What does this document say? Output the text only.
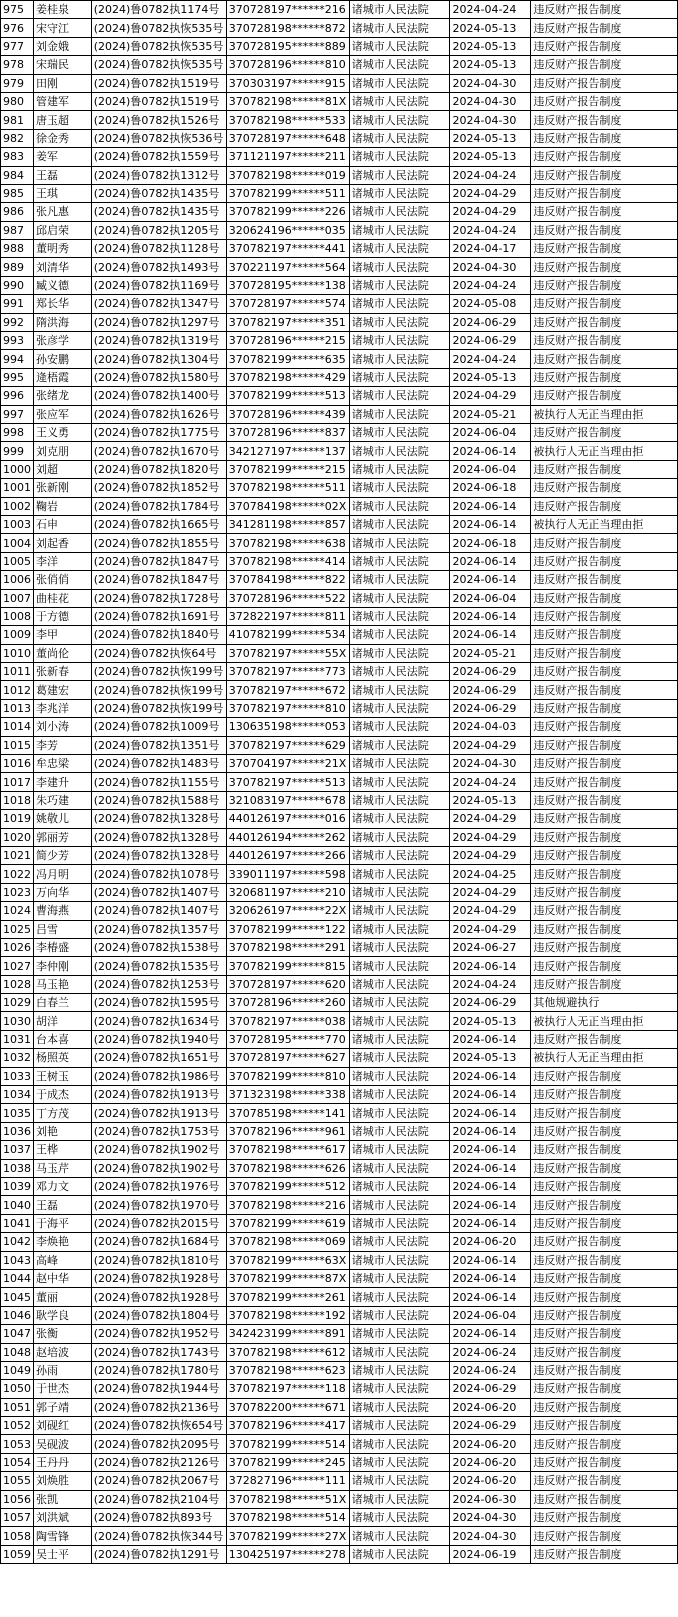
975	姜桂泉	(2024)鲁0782执1174号	370728197******216	诸城市人民法院	2024-04-24	违反财产报告制度
976	宋守江	(2024)鲁0782执恢535号	370728198******872	诸城市人民法院	2024-05-13	违反财产报告制度
977	刘金娥	(2024)鲁0782执恢535号	370728195******889	诸城市人民法院	2024-05-13	违反财产报告制度
978	宋瑞民	(2024)鲁0782执恢535号	370728196******810	诸城市人民法院	2024-05-13	违反财产报告制度
979	田刚	(2024)鲁0782执1519号	370303197******915	诸城市人民法院	2024-04-30	违反财产报告制度
980	管建军	(2024)鲁0782执1519号	370782198******81X	诸城市人民法院	2024-04-30	违反财产报告制度
981	唐玉超	(2024)鲁0782执1526号	370782198******533	诸城市人民法院	2024-04-30	违反财产报告制度
982	徐金秀	(2024)鲁0782执恢536号	370728197******648	诸城市人民法院	2024-05-13	违反财产报告制度
983	姜军	(2024)鲁0782执1559号	371121197******211	诸城市人民法院	2024-05-13	违反财产报告制度
984	王磊	(2024)鲁0782执1312号	370782198******019	诸城市人民法院	2024-04-24	违反财产报告制度
985	王琪	(2024)鲁0782执1435号	370782199******511	诸城市人民法院	2024-04-29	违反财产报告制度
986	张凡惠	(2024)鲁0782执1435号	370782199******226	诸城市人民法院	2024-04-29	违反财产报告制度
987	邱启荣	(2024)鲁0782执1205号	320624196******035	诸城市人民法院	2024-04-24	违反财产报告制度
988	董明秀	(2024)鲁0782执1128号	370782197******441	诸城市人民法院	2024-04-17	违反财产报告制度
989	刘清华	(2024)鲁0782执1493号	370221197******564	诸城市人民法院	2024-04-30	违反财产报告制度
990	臧义德	(2024)鲁0782执1169号	370728195******138	诸城市人民法院	2024-04-24	违反财产报告制度
991	郑长华	(2024)鲁0782执1347号	370728197******574	诸城市人民法院	2024-05-08	违反财产报告制度
992	隋洪海	(2024)鲁0782执1297号	370782197******351	诸城市人民法院	2024-06-29	违反财产报告制度
993	张彦学	(2024)鲁0782执1319号	370728196******215	诸城市人民法院	2024-06-29	违反财产报告制度
994	孙安鹏	(2024)鲁0782执1304号	370782199******635	诸城市人民法院	2024-04-24	违反财产报告制度
995	逄梧霞	(2024)鲁0782执1580号	370782198******429	诸城市人民法院	2024-05-13	违反财产报告制度
996	张绪龙	(2024)鲁0782执1400号	370782199******513	诸城市人民法院	2024-04-29	违反财产报告制度
997	张应军	(2024)鲁0782执1626号	370728196******439	诸城市人民法院	2024-05-21	被执行人无正当理由拒
998	王义勇	(2024)鲁0782执1775号	370728196******837	诸城市人民法院	2024-06-04	违反财产报告制度
999	刘克朋	(2024)鲁0782执1670号	342127197******137	诸城市人民法院	2024-06-14	被执行人无正当理由拒
1000	刘超	(2024)鲁0782执1820号	370782199******215	诸城市人民法院	2024-06-04	违反财产报告制度
1001	张新刚	(2024)鲁0782执1852号	370782198******511	诸城市人民法院	2024-06-18	违反财产报告制度
1002	鞠岩	(2024)鲁0782执1784号	370784198******02X	诸城市人民法院	2024-06-14	违反财产报告制度
1003	石申	(2024)鲁0782执1665号	341281198******857	诸城市人民法院	2024-06-14	被执行人无正当理由拒
1004	刘起香	(2024)鲁0782执1855号	370782198******638	诸城市人民法院	2024-06-18	违反财产报告制度
1005	李洋	(2024)鲁0782执1847号	370782198******414	诸城市人民法院	2024-06-14	违反财产报告制度
1006	张俏俏	(2024)鲁0782执1847号	370784198******822	诸城市人民法院	2024-06-14	违反财产报告制度
1007	曲桂花	(2024)鲁0782执1728号	370728196******522	诸城市人民法院	2024-06-04	违反财产报告制度
1008	于方德	(2024)鲁0782执1691号	372822197******811	诸城市人民法院	2024-06-14	违反财产报告制度
1009	李甲	(2024)鲁0782执1840号	410782199******534	诸城市人民法院	2024-06-14	违反财产报告制度
1010	董尚伦	(2024)鲁0782执恢64号	370782197******55X	诸城市人民法院	2024-05-21	违反财产报告制度
1011	张新春	(2024)鲁0782执恢199号	370782197******773	诸城市人民法院	2024-06-29	违反财产报告制度
1012	葛建宏	(2024)鲁0782执恢199号	370782197******672	诸城市人民法院	2024-06-29	违反财产报告制度
1013	李兆洋	(2024)鲁0782执恢199号	370782197******810	诸城市人民法院	2024-06-29	违反财产报告制度
1014	刘小涛	(2024)鲁0782执1009号	130635198******053	诸城市人民法院	2024-04-03	违反财产报告制度
1015	李芳	(2024)鲁0782执1351号	370782197******629	诸城市人民法院	2024-04-29	违反财产报告制度
1016	牟忠梁	(2024)鲁0782执1483号	370704197******21X	诸城市人民法院	2024-04-30	违反财产报告制度
1017	李建升	(2024)鲁0782执1155号	370782197******513	诸城市人民法院	2024-04-24	违反财产报告制度
1018	朱巧建	(2024)鲁0782执1588号	321083197******678	诸城市人民法院	2024-05-13	违反财产报告制度
1019	姚敬儿	(2024)鲁0782执1328号	440126197******016	诸城市人民法院	2024-04-29	违反财产报告制度
1020	郭丽芳	(2024)鲁0782执1328号	440126194******262	诸城市人民法院	2024-04-29	违反财产报告制度
1021	简少芳	(2024)鲁0782执1328号	440126197******266	诸城市人民法院	2024-04-29	违反财产报告制度
1022	冯月明	(2024)鲁0782执1078号	339011197******598	诸城市人民法院	2024-04-25	违反财产报告制度
1023	万向华	(2024)鲁0782执1407号	320681197******210	诸城市人民法院	2024-04-29	违反财产报告制度
1024	曹海燕	(2024)鲁0782执1407号	320626197******22X	诸城市人民法院	2024-04-29	违反财产报告制度
1025	吕雪	(2024)鲁0782执1357号	370782199******122	诸城市人民法院	2024-04-29	违反财产报告制度
1026	李椿盛	(2024)鲁0782执1538号	370782198******291	诸城市人民法院	2024-06-27	违反财产报告制度
1027	李仲刚	(2024)鲁0782执1535号	370782199******815	诸城市人民法院	2024-06-14	违反财产报告制度
1028	马玉艳	(2024)鲁0782执1253号	370728197******620	诸城市人民法院	2024-04-24	违反财产报告制度
1029	白春兰	(2024)鲁0782执1595号	370728196******260	诸城市人民法院	2024-06-29	其他规避执行
1030	胡洋	(2024)鲁0782执1634号	370782197******038	诸城市人民法院	2024-05-13	被执行人无正当理由拒
1031	台本喜	(2024)鲁0782执1940号	370728195******770	诸城市人民法院	2024-06-14	违反财产报告制度
1032	杨照英	(2024)鲁0782执1651号	370728197******627	诸城市人民法院	2024-05-13	被执行人无正当理由拒
1033	王树玉	(2024)鲁0782执1986号	370782199******810	诸城市人民法院	2024-06-14	违反财产报告制度
1034	于成杰	(2024)鲁0782执1913号	371323198******338	诸城市人民法院	2024-06-14	违反财产报告制度
1035	丁方茂	(2024)鲁0782执1913号	370785198******141	诸城市人民法院	2024-06-14	违反财产报告制度
1036	刘艳	(2024)鲁0782执1753号	370782196******961	诸城市人民法院	2024-06-14	违反财产报告制度
1037	王桦	(2024)鲁0782执1902号	370782198******617	诸城市人民法院	2024-06-14	违反财产报告制度
1038	马玉芹	(2024)鲁0782执1902号	370782198******626	诸城市人民法院	2024-06-14	违反财产报告制度
1039	邓力文	(2024)鲁0782执1976号	370782199******512	诸城市人民法院	2024-06-14	违反财产报告制度
1040	王磊	(2024)鲁0782执1970号	370782198******216	诸城市人民法院	2024-06-14	违反财产报告制度
1041	于海平	(2024)鲁0782执2015号	370782199******619	诸城市人民法院	2024-06-14	违反财产报告制度
1042	李焕艳	(2024)鲁0782执1684号	370782198******069	诸城市人民法院	2024-06-20	违反财产报告制度
1043	高峰	(2024)鲁0782执1810号	370782199******63X	诸城市人民法院	2024-06-14	违反财产报告制度
1044	赵中华	(2024)鲁0782执1928号	370782199******87X	诸城市人民法院	2024-06-14	违反财产报告制度
1045	董丽	(2024)鲁0782执1928号	370782199******261	诸城市人民法院	2024-06-14	违反财产报告制度
1046	耿学良	(2024)鲁0782执1804号	370782198******192	诸城市人民法院	2024-06-04	违反财产报告制度
1047	张衡	(2024)鲁0782执1952号	342423199******891	诸城市人民法院	2024-06-14	违反财产报告制度
1048	赵培波	(2024)鲁0782执1743号	370782198******612	诸城市人民法院	2024-06-24	违反财产报告制度
1049	孙雨	(2024)鲁0782执1780号	370782198******623	诸城市人民法院	2024-06-24	违反财产报告制度
1050	于世杰	(2024)鲁0782执1944号	370782197******118	诸城市人民法院	2024-06-29	违反财产报告制度
1051	郭子靖	(2024)鲁0782执2136号	370782200******671	诸城市人民法院	2024-06-20	违反财产报告制度
1052	刘砚红	(2024)鲁0782执恢654号	370782196******417	诸城市人民法院	2024-06-29	违反财产报告制度
1053	吴砚波	(2024)鲁0782执2095号	370782199******514	诸城市人民法院	2024-06-20	违反财产报告制度
1054	王丹丹	(2024)鲁0782执2126号	370782199******245	诸城市人民法院	2024-06-20	违反财产报告制度
1055	刘焕胜	(2024)鲁0782执2067号	372827196******111	诸城市人民法院	2024-06-20	违反财产报告制度
1056	张凯	(2024)鲁0782执2104号	370782198******51X	诸城市人民法院	2024-06-30	违反财产报告制度
1057	刘洪斌	(2024)鲁0782执893号	370782198******514	诸城市人民法院	2024-04-30	违反财产报告制度
1058	陶雪锋	(2024)鲁0782执恢344号	370782199******27X	诸城市人民法院	2024-04-30	违反财产报告制度
1059	吴士平	(2024)鲁0782执1291号	130425197******278	诸城市人民法院	2024-06-19	违反财产报告制度
